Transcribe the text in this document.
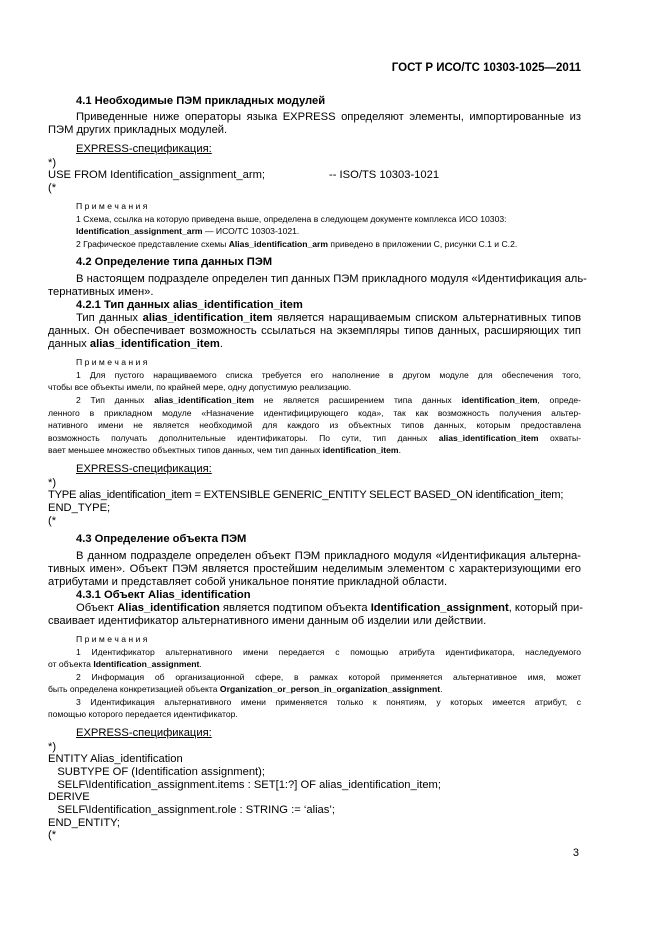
ГОСТ Р ИСО/ТС 10303-1025—2011
4.1 Необходимые ПЭМ прикладных модулей
Приведенные ниже операторы языка EXPRESS определяют элементы, импортированные из
ПЭМ других прикладных модулей.
EXPRESS-спецификация:
*)
USE FROM Identification_assignment_arm;	-- ISO/TS 10303-1021
(*
П р и м е ч а н и я
1 Схема, ссылка на которую приведена выше, определена в следующем документе комплекса ИСО 10303:
Identification_assignment_arm — ИСО/ТС 10303-1021.
2 Графическое представление схемы Alias_identification_arm приведено в приложении С, рисунки С.1 и С.2.
4.2 Определение типа данных ПЭМ
В настоящем подразделе определен тип данных ПЭМ прикладного модуля «Идентификация аль-
тернативных имен».
4.2.1 Тип данных alias_identification_item
Тип данных alias_identification_item является наращиваемым списком альтернативных типов
данных. Он обеспечивает возможность ссылаться на экземпляры типов данных, расширяющих тип
данных alias_identification_item.
П р и м е ч а н и я
1 Для пустого наращиваемого списка требуется его наполнение в другом модуле для обеспечения того,
чтобы все объекты имели, по крайней мере, одну допустимую реализацию.
2 Тип данных alias_identification_item не является расширением типа данных identification_item, опреде-
ленного в прикладном модуле «Назначение идентифицирующего кода», так как возможность получения альтер-
нативного имени не является необходимой для каждого из объектных типов данных, которым предоставлена
возможность получать дополнительные идентификаторы. По сути, тип данных alias_identification_item охваты-
вает меньшее множество объектных типов данных, чем тип данных identification_item.
EXPRESS-спецификация:
*)
TYPE alias_identification_item = EXTENSIBLE GENERIC_ENTITY SELECT BASED_ON identification_item;
END_TYPE;
(*
4.3 Определение объекта ПЭМ
В данном подразделе определен объект ПЭМ прикладного модуля «Идентификация альтерна-
тивных имен». Объект ПЭМ является простейшим неделимым элементом с характеризующими его
атрибутами и представляет собой уникальное понятие прикладной области.
4.3.1 Объект Alias_identification
Объект Alias_identification является подтипом объекта Identification_assignment, который при-
сваивает идентификатор альтернативного имени данным об изделии или действии.
П р и м е ч а н и я
1 Идентификатор альтернативного имени передается с помощью атрибута идентификатора, наследуемого
от объекта Identification_assignment.
2 Информация об организационной сфере, в рамках которой применяется альтернативное имя, может
быть определена конкретизацией объекта Organization_or_person_in_organization_assignment.
3 Идентификация альтернативного имени применяется только к понятиям, у которых имеется атрибут, с
помощью которого передается идентификатор.
EXPRESS-спецификация:
*)
ENTITY Alias_identification
SUBTYPE OF (Identification assignment);
SELF\Identification_assignment.items : SET[1:?] OF alias_identification_item;
DERIVE
SELF\Identification_assignment.role : STRING := ‘alias’;
END_ENTITY;
(*
3
